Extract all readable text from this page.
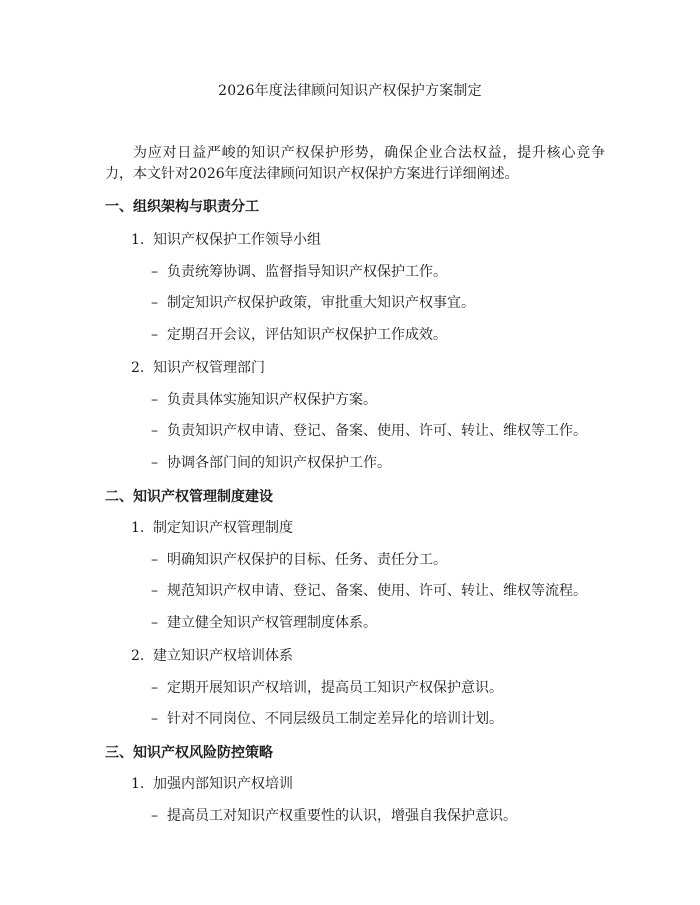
2026年度法律顾问知识产权保护方案制定
为应对日益严峻的知识产权保护形势，确保企业合法权益，提升核心竞争力，本文针对2026年度法律顾问知识产权保护方案进行详细阐述。
一、组织架构与职责分工
1. 知识产权保护工作领导小组
– 负责统筹协调、监督指导知识产权保护工作。
– 制定知识产权保护政策，审批重大知识产权事宜。
– 定期召开会议，评估知识产权保护工作成效。
2. 知识产权管理部门
– 负责具体实施知识产权保护方案。
– 负责知识产权申请、登记、备案、使用、许可、转让、维权等工作。
– 协调各部门间的知识产权保护工作。
二、知识产权管理制度建设
1. 制定知识产权管理制度
– 明确知识产权保护的目标、任务、责任分工。
– 规范知识产权申请、登记、备案、使用、许可、转让、维权等流程。
– 建立健全知识产权管理制度体系。
2. 建立知识产权培训体系
– 定期开展知识产权培训，提高员工知识产权保护意识。
– 针对不同岗位、不同层级员工制定差异化的培训计划。
三、知识产权风险防控策略
1. 加强内部知识产权培训
– 提高员工对知识产权重要性的认识，增强自我保护意识。
